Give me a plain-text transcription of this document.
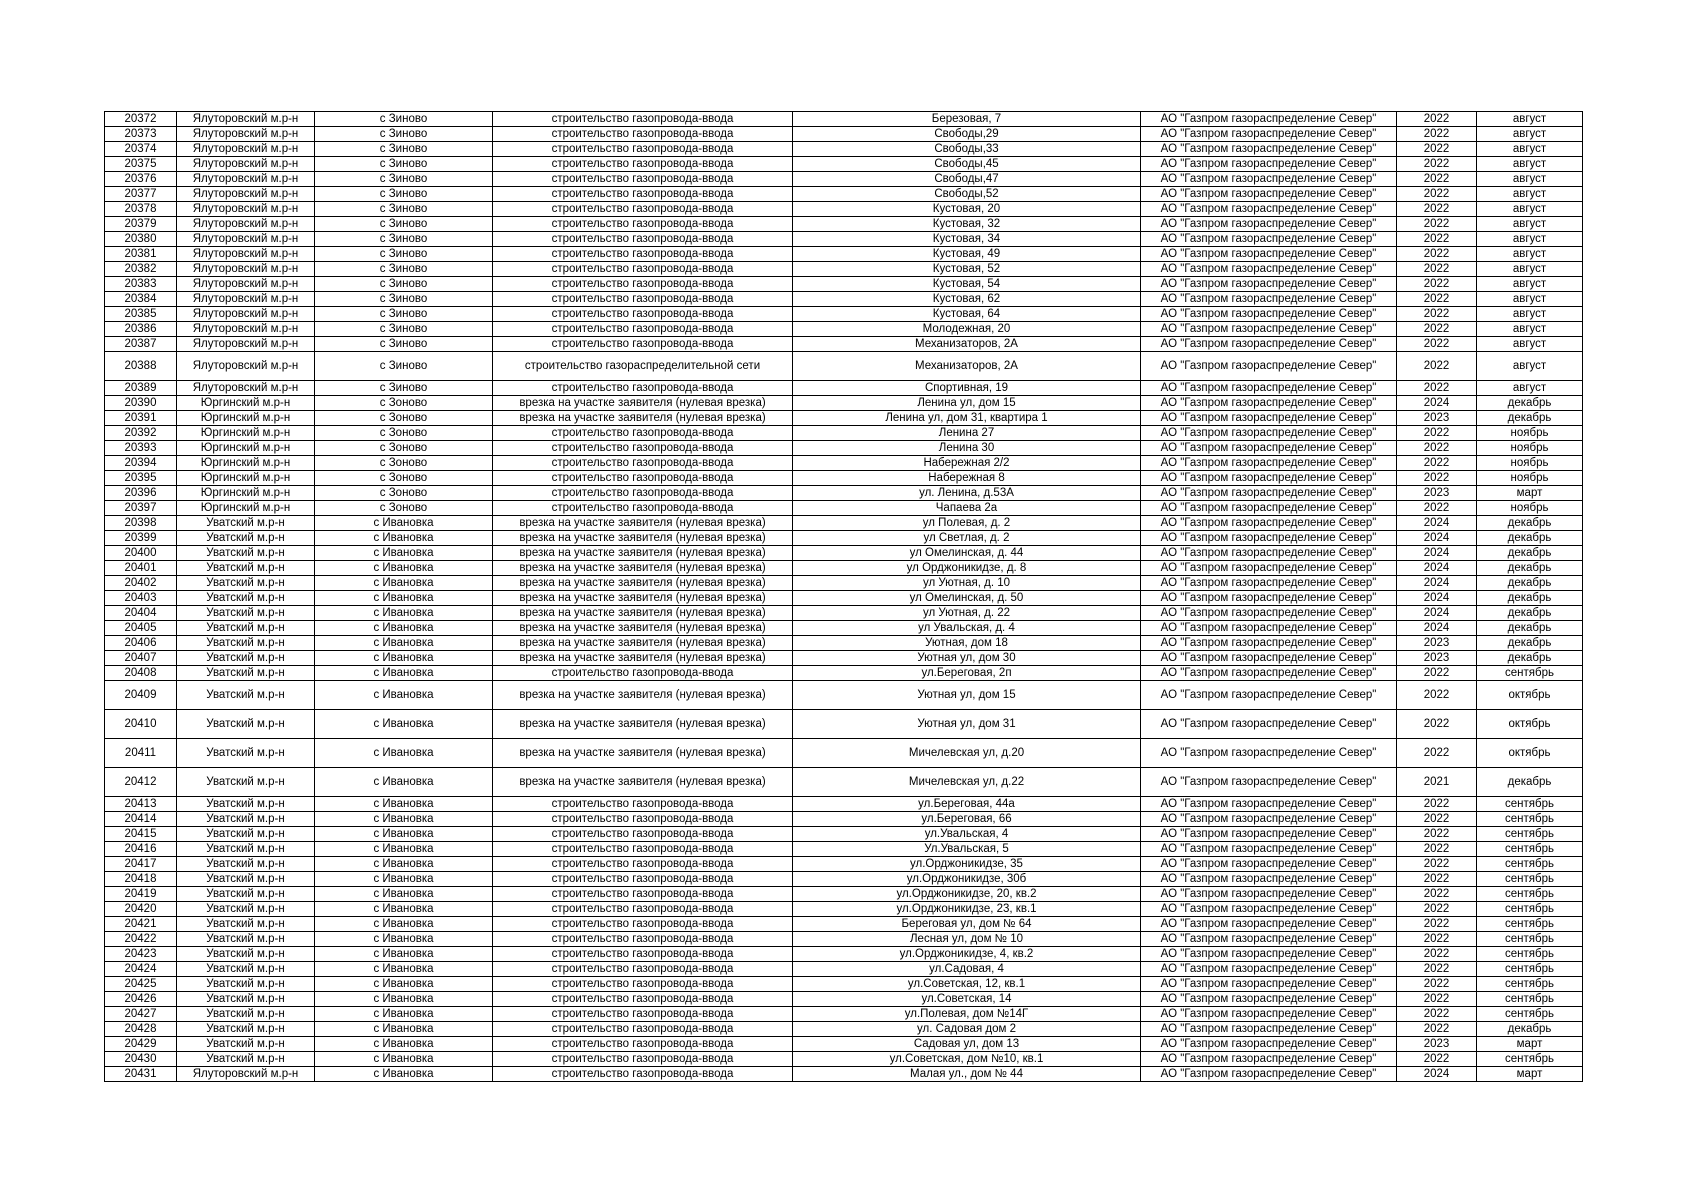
20372	Ялуторовский м.р-н	с Зиново	строительство газопровода-ввода	Березовая, 7	АО "Газпром газораспределение Север"	2022	август
20373	Ялуторовский м.р-н	с Зиново	строительство газопровода-ввода	Свободы,29	АО "Газпром газораспределение Север"	2022	август
20374	Ялуторовский м.р-н	с Зиново	строительство газопровода-ввода	Свободы,33	АО "Газпром газораспределение Север"	2022	август
20375	Ялуторовский м.р-н	с Зиново	строительство газопровода-ввода	Свободы,45	АО "Газпром газораспределение Север"	2022	август
20376	Ялуторовский м.р-н	с Зиново	строительство газопровода-ввода	Свободы,47	АО "Газпром газораспределение Север"	2022	август
20377	Ялуторовский м.р-н	с Зиново	строительство газопровода-ввода	Свободы,52	АО "Газпром газораспределение Север"	2022	август
20378	Ялуторовский м.р-н	с Зиново	строительство газопровода-ввода	Кустовая, 20	АО "Газпром газораспределение Север"	2022	август
20379	Ялуторовский м.р-н	с Зиново	строительство газопровода-ввода	Кустовая, 32	АО "Газпром газораспределение Север"	2022	август
20380	Ялуторовский м.р-н	с Зиново	строительство газопровода-ввода	Кустовая, 34	АО "Газпром газораспределение Север"	2022	август
20381	Ялуторовский м.р-н	с Зиново	строительство газопровода-ввода	Кустовая, 49	АО "Газпром газораспределение Север"	2022	август
20382	Ялуторовский м.р-н	с Зиново	строительство газопровода-ввода	Кустовая, 52	АО "Газпром газораспределение Север"	2022	август
20383	Ялуторовский м.р-н	с Зиново	строительство газопровода-ввода	Кустовая, 54	АО "Газпром газораспределение Север"	2022	август
20384	Ялуторовский м.р-н	с Зиново	строительство газопровода-ввода	Кустовая, 62	АО "Газпром газораспределение Север"	2022	август
20385	Ялуторовский м.р-н	с Зиново	строительство газопровода-ввода	Кустовая, 64	АО "Газпром газораспределение Север"	2022	август
20386	Ялуторовский м.р-н	с Зиново	строительство газопровода-ввода	Молодежная, 20	АО "Газпром газораспределение Север"	2022	август
20387	Ялуторовский м.р-н	с Зиново	строительство газопровода-ввода	Механизаторов, 2А	АО "Газпром газораспределение Север"	2022	август
20388	Ялуторовский м.р-н	с Зиново	строительство газораспределительной сети	Механизаторов, 2А	АО "Газпром газораспределение Север"	2022	август
20389	Ялуторовский м.р-н	с Зиново	строительство газопровода-ввода	Спортивная, 19	АО "Газпром газораспределение Север"	2022	август
20390	Юргинский м.р-н	с Зоново	врезка на участке заявителя (нулевая врезка)	Ленина ул, дом 15	АО "Газпром газораспределение Север"	2024	декабрь
20391	Юргинский м.р-н	с Зоново	врезка на участке заявителя (нулевая врезка)	Ленина ул, дом 31, квартира 1	АО "Газпром газораспределение Север"	2023	декабрь
20392	Юргинский м.р-н	с Зоново	строительство газопровода-ввода	Ленина 27	АО "Газпром газораспределение Север"	2022	ноябрь
20393	Юргинский м.р-н	с Зоново	строительство газопровода-ввода	Ленина 30	АО "Газпром газораспределение Север"	2022	ноябрь
20394	Юргинский м.р-н	с Зоново	строительство газопровода-ввода	Набережная 2/2	АО "Газпром газораспределение Север"	2022	ноябрь
20395	Юргинский м.р-н	с Зоново	строительство газопровода-ввода	Набережная 8	АО "Газпром газораспределение Север"	2022	ноябрь
20396	Юргинский м.р-н	с Зоново	строительство газопровода-ввода	ул. Ленина, д.53А	АО "Газпром газораспределение Север"	2023	март
20397	Юргинский м.р-н	с Зоново	строительство газопровода-ввода	Чапаева 2а	АО "Газпром газораспределение Север"	2022	ноябрь
20398	Уватский м.р-н	с Ивановка	врезка на участке заявителя (нулевая врезка)	ул Полевая, д. 2	АО "Газпром газораспределение Север"	2024	декабрь
20399	Уватский м.р-н	с Ивановка	врезка на участке заявителя (нулевая врезка)	ул Светлая, д. 2	АО "Газпром газораспределение Север"	2024	декабрь
20400	Уватский м.р-н	с Ивановка	врезка на участке заявителя (нулевая врезка)	ул Омелинская, д. 44	АО "Газпром газораспределение Север"	2024	декабрь
20401	Уватский м.р-н	с Ивановка	врезка на участке заявителя (нулевая врезка)	ул Орджоникидзе, д. 8	АО "Газпром газораспределение Север"	2024	декабрь
20402	Уватский м.р-н	с Ивановка	врезка на участке заявителя (нулевая врезка)	ул Уютная, д. 10	АО "Газпром газораспределение Север"	2024	декабрь
20403	Уватский м.р-н	с Ивановка	врезка на участке заявителя (нулевая врезка)	ул Омелинская, д. 50	АО "Газпром газораспределение Север"	2024	декабрь
20404	Уватский м.р-н	с Ивановка	врезка на участке заявителя (нулевая врезка)	ул Уютная, д. 22	АО "Газпром газораспределение Север"	2024	декабрь
20405	Уватский м.р-н	с Ивановка	врезка на участке заявителя (нулевая врезка)	ул Увальская, д. 4	АО "Газпром газораспределение Север"	2024	декабрь
20406	Уватский м.р-н	с Ивановка	врезка на участке заявителя (нулевая врезка)	Уютная, дом 18	АО "Газпром газораспределение Север"	2023	декабрь
20407	Уватский м.р-н	с Ивановка	врезка на участке заявителя (нулевая врезка)	Уютная ул, дом 30	АО "Газпром газораспределение Север"	2023	декабрь
20408	Уватский м.р-н	с Ивановка	строительство газопровода-ввода	ул.Береговая, 2п	АО "Газпром газораспределение Север"	2022	сентябрь
20409	Уватский м.р-н	с Ивановка	врезка на участке заявителя (нулевая врезка)	Уютная ул, дом 15	АО "Газпром газораспределение Север"	2022	октябрь
20410	Уватский м.р-н	с Ивановка	врезка на участке заявителя (нулевая врезка)	Уютная ул, дом 31	АО "Газпром газораспределение Север"	2022	октябрь
20411	Уватский м.р-н	с Ивановка	врезка на участке заявителя (нулевая врезка)	Мичелевская ул, д.20	АО "Газпром газораспределение Север"	2022	октябрь
20412	Уватский м.р-н	с Ивановка	врезка на участке заявителя (нулевая врезка)	Мичелевская ул, д.22	АО "Газпром газораспределение Север"	2021	декабрь
20413	Уватский м.р-н	с Ивановка	строительство газопровода-ввода	ул.Береговая, 44а	АО "Газпром газораспределение Север"	2022	сентябрь
20414	Уватский м.р-н	с Ивановка	строительство газопровода-ввода	ул.Береговая, 66	АО "Газпром газораспределение Север"	2022	сентябрь
20415	Уватский м.р-н	с Ивановка	строительство газопровода-ввода	ул.Увальская, 4	АО "Газпром газораспределение Север"	2022	сентябрь
20416	Уватский м.р-н	с Ивановка	строительство газопровода-ввода	Ул.Увальская, 5	АО "Газпром газораспределение Север"	2022	сентябрь
20417	Уватский м.р-н	с Ивановка	строительство газопровода-ввода	ул.Орджоникидзе, 35	АО "Газпром газораспределение Север"	2022	сентябрь
20418	Уватский м.р-н	с Ивановка	строительство газопровода-ввода	ул.Орджоникидзе, 30б	АО "Газпром газораспределение Север"	2022	сентябрь
20419	Уватский м.р-н	с Ивановка	строительство газопровода-ввода	ул.Орджоникидзе, 20, кв.2	АО "Газпром газораспределение Север"	2022	сентябрь
20420	Уватский м.р-н	с Ивановка	строительство газопровода-ввода	ул.Орджоникидзе, 23, кв.1	АО "Газпром газораспределение Север"	2022	сентябрь
20421	Уватский м.р-н	с Ивановка	строительство газопровода-ввода	Береговая ул, дом № 64	АО "Газпром газораспределение Север"	2022	сентябрь
20422	Уватский м.р-н	с Ивановка	строительство газопровода-ввода	Лесная ул, дом № 10	АО "Газпром газораспределение Север"	2022	сентябрь
20423	Уватский м.р-н	с Ивановка	строительство газопровода-ввода	ул.Орджоникидзе, 4, кв.2	АО "Газпром газораспределение Север"	2022	сентябрь
20424	Уватский м.р-н	с Ивановка	строительство газопровода-ввода	ул.Садовая, 4	АО "Газпром газораспределение Север"	2022	сентябрь
20425	Уватский м.р-н	с Ивановка	строительство газопровода-ввода	ул.Советская, 12, кв.1	АО "Газпром газораспределение Север"	2022	сентябрь
20426	Уватский м.р-н	с Ивановка	строительство газопровода-ввода	ул.Советская, 14	АО "Газпром газораспределение Север"	2022	сентябрь
20427	Уватский м.р-н	с Ивановка	строительство газопровода-ввода	ул.Полевая, дом №14Г	АО "Газпром газораспределение Север"	2022	сентябрь
20428	Уватский м.р-н	с Ивановка	строительство газопровода-ввода	ул. Садовая дом 2	АО "Газпром газораспределение Север"	2022	декабрь
20429	Уватский м.р-н	с Ивановка	строительство газопровода-ввода	Садовая ул, дом 13	АО "Газпром газораспределение Север"	2023	март
20430	Уватский м.р-н	с Ивановка	строительство газопровода-ввода	ул.Советская, дом №10, кв.1	АО "Газпром газораспределение Север"	2022	сентябрь
20431	Ялуторовский м.р-н	с Ивановка	строительство газопровода-ввода	Малая ул., дом № 44	АО "Газпром газораспределение Север"	2024	март
